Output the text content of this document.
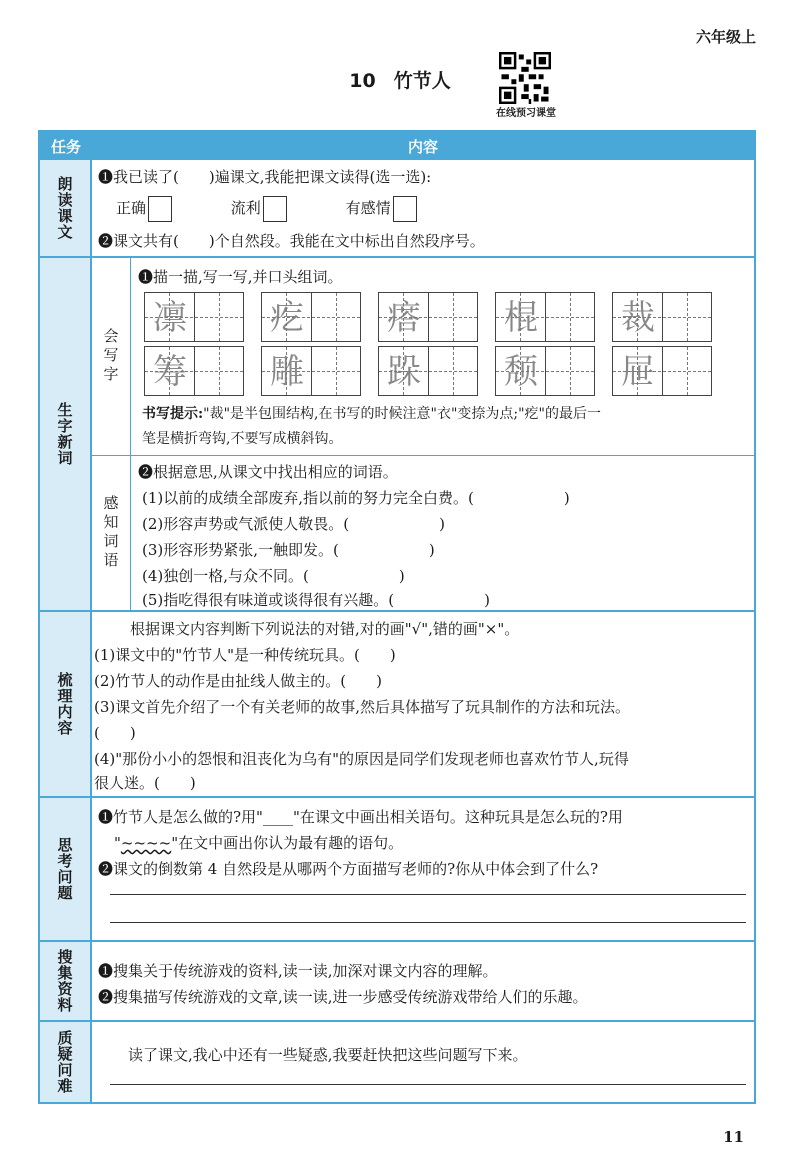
六年级上
10 竹节人
在线预习课堂
任务	内容
朗读课文 ❶我已读了(　　)遍课文,我能把课文读得(选一选):
正确	流利	有感情
❷课文共有(　　)个自然段。我能在文中标出自然段序号。
生字新词
会写字
❶描一描,写一写,并口头组词。
凛 疙 瘩 棍 裁
筹 雕 跺 颓 屉
书写提示:"裁"是半包围结构,在书写的时候注意"衣"变捺为点;"疙"的最后一
笔是横折弯钩,不要写成横斜钩。
感知词语
❷根据意思,从课文中找出相应的词语。
(1)以前的成绩全部废弃,指以前的努力完全白费。(　　　　　　)
(2)形容声势或气派使人敬畏。(　　　　　　)
(3)形容形势紧张,一触即发。(　　　　　　)
(4)独创一格,与众不同。(　　　　　　)
(5)指吃得很有味道或谈得很有兴趣。(　　　　　　)
梳理内容
根据课文内容判断下列说法的对错,对的画"√",错的画"×"。
(1)课文中的"竹节人"是一种传统玩具。(　　)
(2)竹节人的动作是由扯线人做主的。(　　)
(3)课文首先介绍了一个有关老师的故事,然后具体描写了玩具制作的方法和玩法。
(　　)
(4)"那份小小的怨恨和沮丧化为乌有"的原因是同学们发现老师也喜欢竹节人,玩得
很人迷。(　　)
思考问题
❶竹节人是怎么做的?用"____"在课文中画出相关语句。这种玩具是怎么玩的?用
"~~~~"在文中画出你认为最有趣的语句。
❷课文的倒数第 4 自然段是从哪两个方面描写老师的?你从中体会到了什么?
搜集资料 ❶搜集关于传统游戏的资料,读一读,加深对课文内容的理解。
❷搜集描写传统游戏的文章,读一读,进一步感受传统游戏带给人们的乐趣。
质疑问难	读了课文,我心中还有一些疑惑,我要赶快把这些问题写下来。
11
